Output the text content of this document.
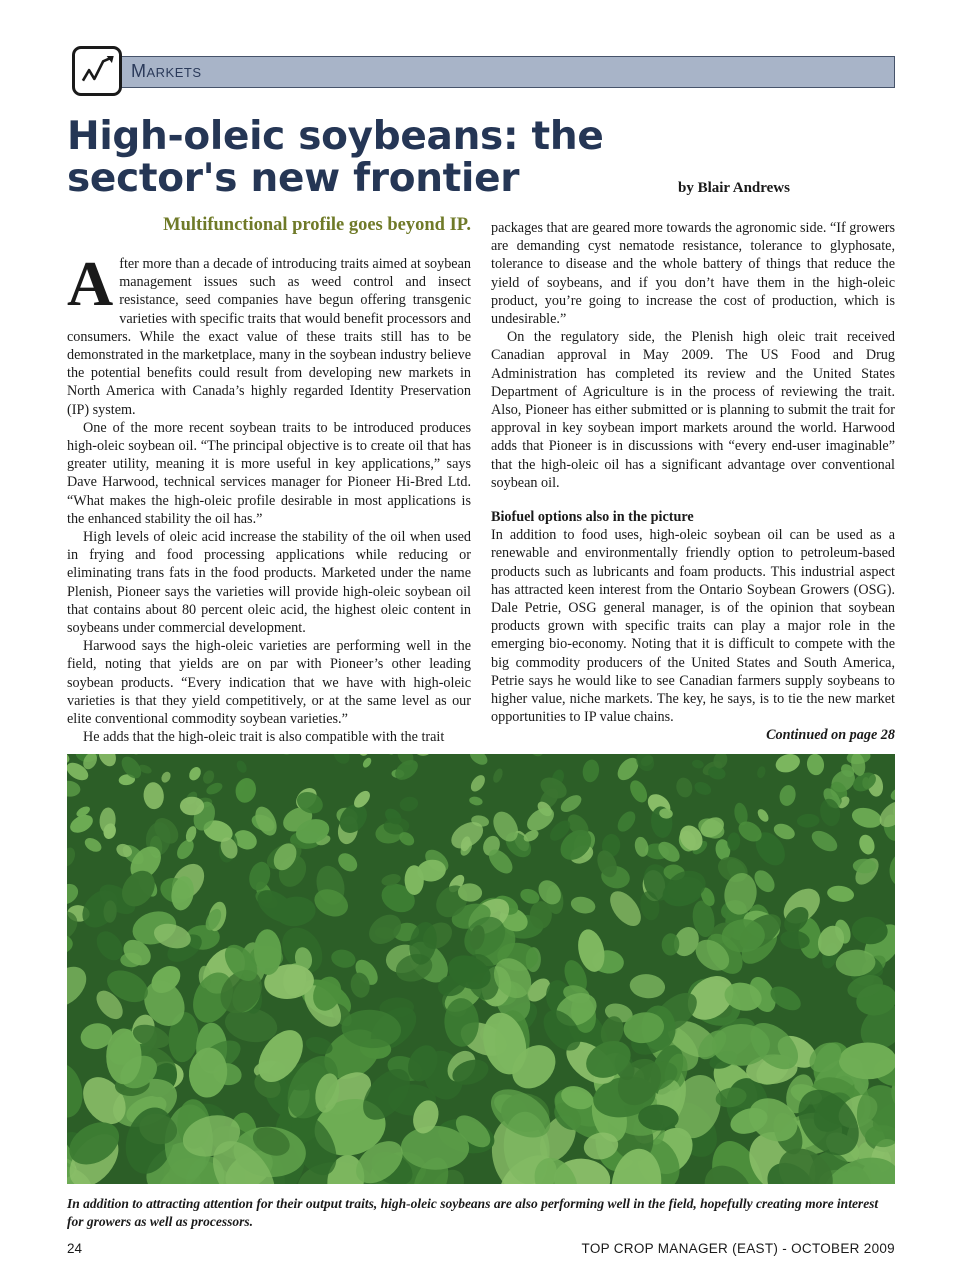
Markets
High-oleic soybeans: the sector's new frontier	by Blair Andrews
Multifunctional profile goes beyond IP.

After more than a decade of introducing traits aimed at soybean management issues such as weed control and insect resistance, seed companies have begun offering transgenic varieties with specific traits that would benefit processors and consumers. While the exact value of these traits still has to be demonstrated in the marketplace, many in the soybean industry believe the potential benefits could result from developing new markets in North America with Canada’s highly regarded Identity Preservation (IP) system.

One of the more recent soybean traits to be introduced produces high-oleic soybean oil. “The principal objective is to create oil that has greater utility, meaning it is more useful in key applications,” says Dave Harwood, technical services manager for Pioneer Hi-Bred Ltd. “What makes the high-oleic profile desirable in most applications is the enhanced stability the oil has.”

High levels of oleic acid increase the stability of the oil when used in frying and food processing applications while reducing or eliminating trans fats in the food products. Marketed under the name Plenish, Pioneer says the varieties will provide high-oleic soybean oil that contains about 80 percent oleic acid, the highest oleic content in soybeans under commercial development.

Harwood says the high-oleic varieties are performing well in the field, noting that yields are on par with Pioneer’s other leading soybean products. “Every indication that we have with high-oleic varieties is that they yield competitively, or at the same level as our elite conventional commodity soybean varieties.”

He adds that the high-oleic trait is also compatible with the trait

packages that are geared more towards the agronomic side. “If growers are demanding cyst nematode resistance, tolerance to glyphosate, tolerance to disease and the whole battery of things that reduce the yield of soybeans, and if you don’t have them in the high-oleic product, you’re going to increase the cost of production, which is undesirable.”

On the regulatory side, the Plenish high oleic trait received Canadian approval in May 2009. The US Food and Drug Administration has completed its review and the United States Department of Agriculture is in the process of reviewing the trait. Also, Pioneer has either submitted or is planning to submit the trait for approval in key soybean import markets around the world. Harwood adds that Pioneer is in discussions with “every end-user imaginable” that the high-oleic oil has a significant advantage over conventional soybean oil.

Biofuel options also in the picture

In addition to food uses, high-oleic soybean oil can be used as a renewable and environmentally friendly option to petroleum-based products such as lubricants and foam products. This industrial aspect has attracted keen interest from the Ontario Soybean Growers (OSG). Dale Petrie, OSG general manager, is of the opinion that soybean products grown with specific traits can play a major role in the emerging bio-economy. Noting that it is difficult to compete with the big commodity producers of the United States and South America, Petrie says he would like to see Canadian farmers supply soybeans to higher value, niche markets. The key, he says, is to tie the new market opportunities to IP value chains.

Continued on page 28

In addition to attracting attention for their output traits, high-oleic soybeans are also performing well in the field, hopefully creating more interest for growers as well as processors.
24	TOP CROP MANAGER (EAST) - OCTOBER 2009
